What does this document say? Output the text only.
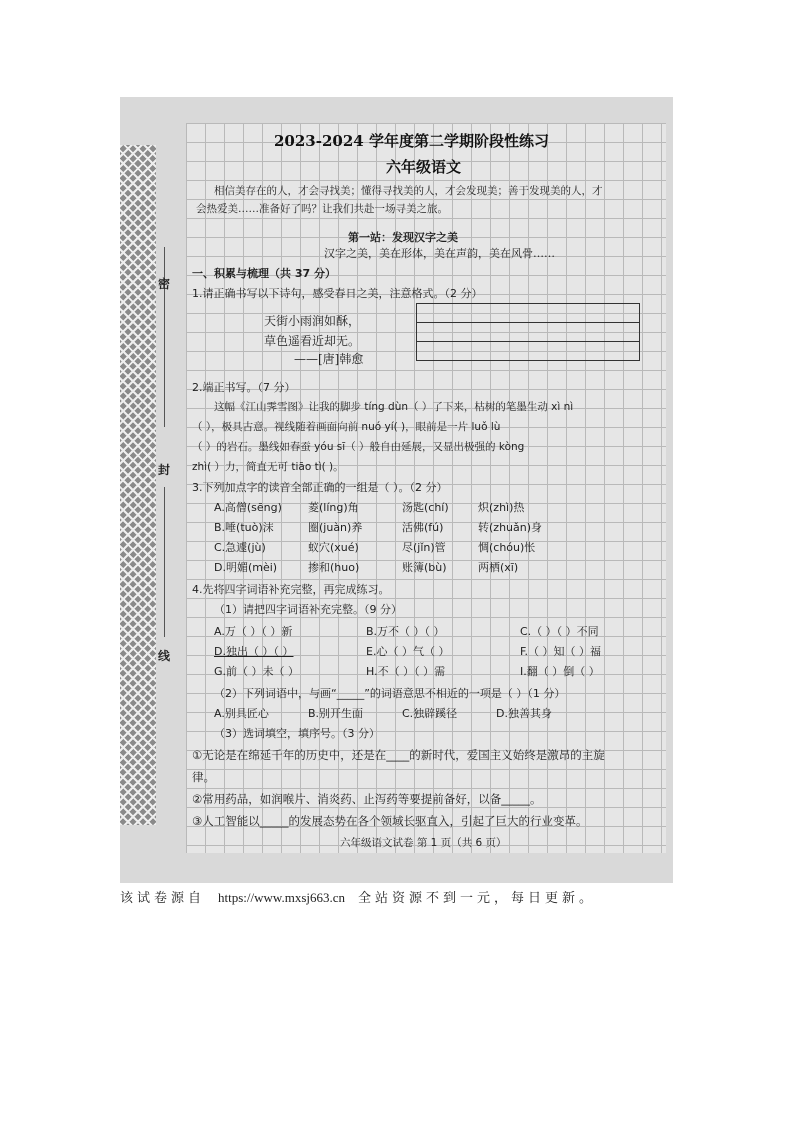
密
封
线
2023-2024 学年度第二学期阶段性练习
六年级语文
相信美存在的人，才会寻找美；懂得寻找美的人，才会发现美；善于发现美的人，才
会热爱美……准备好了吗？让我们共赴一场寻美之旅。
第一站：发现汉字之美
汉字之美，美在形体，美在声韵，美在风骨……
一、积累与梳理（共 37 分）
1.请正确书写以下诗句，感受春日之美，注意格式。（2 分）
天街小雨润如酥，
草色遥看近却无。
——[唐]韩愈
2.端正书写。（7 分）
这幅《江山霁雪图》让我的脚步 tíng dùn（ ）了下来，枯树的笔墨生动 xì nì
（ ），极具古意。视线随着画面向前 nuó yí( )，眼前是一片 luǒ lù
（ ）的岩石。墨线如春蚕 yóu sī（ ）般自由延展，又显出极强的 kòng
zhì( ）力，简直无可 tiāo tì( )。
3.下列加点字的读音全部正确的一组是（ ）。（2 分）
A.高僧(sēng) 菱(líng)角	汤匙(chí)	炽(zhì)热
B.唾(tuò)沫	圈(juàn)养	活佛(fú)	转(zhuǎn)身
C.急遽(jù)	蚁穴(xué)	尽(jǐn)管	惆(chóu)怅
D.明媚(mèi)	掺和(huo)	账簿(bù)	两栖(xī)
4.先将四字词语补充完整，再完成练习。
（1）请把四字词语补充完整。（9 分）
A.万（ ）（ ）新	B.万不（ ）（ ）	C.（ ）（ ）不同
D.独出（ ）（ ）	E.心（ ）气（ ）	F.（ ）知（ ）福
G.前（ ）未（ ）	H.不（ ）（ ）需	I.翻（ ）倒（ ）
（2）下列词语中，与画“_____”的词语意思不相近的一项是（ ）（1 分）
A.别具匠心	B.别开生面	C.独辟蹊径	D.独善其身
（3）选词填空，填序号。（3 分）
①无论是在绵延千年的历史中，还是在____的新时代，爱国主义始终是激昂的主旋
律。
②常用药品，如润喉片、消炎药、止泻药等要提前备好，以备_____。
③人工智能以_____的发展态势在各个领域长驱直入，引起了巨大的行业变革。
六年级语文试卷 第 1 页（共 6 页）
该试卷源自 https://www.mxsj663.cn 全站资源不到一元，每日更新。
